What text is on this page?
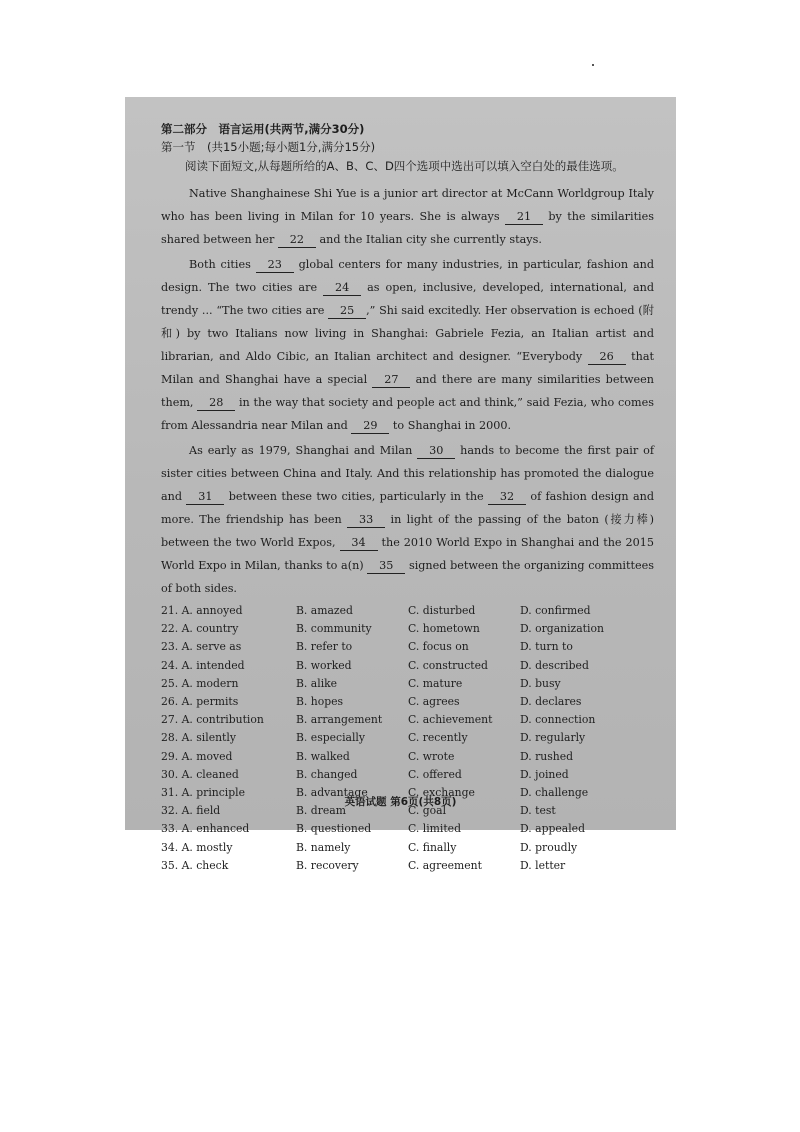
第二部分　语言运用(共两节,满分30分)
第一节　(共15小题;每小题1分,满分15分)
阅读下面短文,从每题所给的A、B、C、D四个选项中选出可以填入空白处的最佳选项。

Native Shanghainese Shi Yue is a junior art director at McCann Worldgroup Italy who has been living in Milan for 10 years. She is always 21 by the similarities shared between her 22 and the Italian city she currently stays.

Both cities 23 global centers for many industries, in particular, fashion and design. The two cities are 24 as open, inclusive, developed, international, and trendy ... “The two cities are 25 ,” Shi said excitedly. Her observation is echoed (附和) by two Italians now living in Shanghai: Gabriele Fezia, an Italian artist and librarian, and Aldo Cibic, an Italian architect and designer. “Everybody 26 that Milan and Shanghai have a special 27 and there are many similarities between them, 28 in the way that society and people act and think,” said Fezia, who comes from Alessandria near Milan and 29 to Shanghai in 2000.

As early as 1979, Shanghai and Milan 30 hands to become the first pair of sister cities between China and Italy. And this relationship has promoted the dialogue and 31 between these two cities, particularly in the 32 of fashion design and more. The friendship has been 33 in light of the passing of the baton (接力棒) between the two World Expos, 34 the 2010 World Expo in Shanghai and the 2015 World Expo in Milan, thanks to a(n) 35 signed between the organizing committees of both sides.

21. A. annoyed	B. amazed	C. disturbed	D. confirmed
22. A. country	B. community	C. hometown	D. organization
23. A. serve as	B. refer to	C. focus on	D. turn to
24. A. intended	B. worked	C. constructed	D. described
25. A. modern	B. alike	C. mature	D. busy
26. A. permits	B. hopes	C. agrees	D. declares
27. A. contribution	B. arrangement	C. achievement	D. connection
28. A. silently	B. especially	C. recently	D. regularly
29. A. moved	B. walked	C. wrote	D. rushed
30. A. cleaned	B. changed	C. offered	D. joined
31. A. principle	B. advantage	C. exchange	D. challenge
32. A. field	B. dream	C. goal	D. test
33. A. enhanced	B. questioned	C. limited	D. appealed
34. A. mostly	B. namely	C. finally	D. proudly
35. A. check	B. recovery	C. agreement	D. letter
英语试题 第6页(共8页)
